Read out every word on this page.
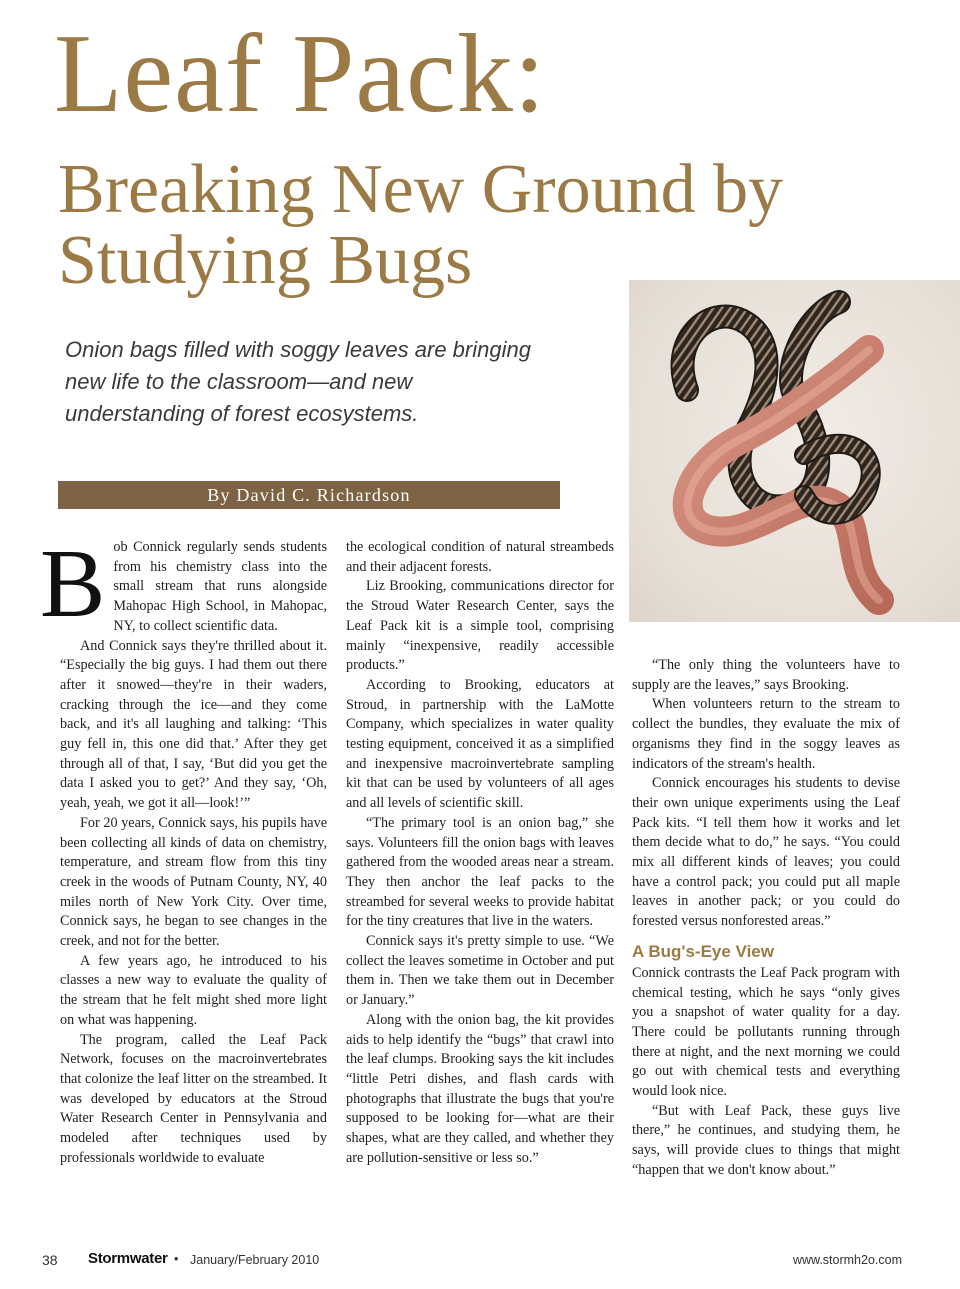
Leaf Pack:
Breaking New Ground by Studying Bugs
Onion bags filled with soggy leaves are bringing new life to the classroom—and new understanding of forest ecosystems.
By David C. Richardson

Bob Connick regularly sends students from his chemistry class into the small stream that runs alongside Mahopac High School, in Mahopac, NY, to collect scientific data.

And Connick says they're thrilled about it. “Especially the big guys. I had them out there after it snowed—they're in their waders, cracking through the ice—and they come back, and it's all laughing and talking: ‘This guy fell in, this one did that.’ After they get through all of that, I say, ‘But did you get the data I asked you to get?’ And they say, ‘Oh, yeah, yeah, we got it all—look!’”

For 20 years, Connick says, his pupils have been collecting all kinds of data on chemistry, temperature, and stream flow from this tiny creek in the woods of Putnam County, NY, 40 miles north of New York City. Over time, Connick says, he began to see changes in the creek, and not for the better.

A few years ago, he introduced to his classes a new way to evaluate the quality of the stream that he felt might shed more light on what was happening.

The program, called the Leaf Pack Network, focuses on the macroinvertebrates that colonize the leaf litter on the streambed. It was developed by educators at the Stroud Water Research Center in Pennsylvania and modeled after techniques used by professionals worldwide to evaluate

the ecological condition of natural streambeds and their adjacent forests.

Liz Brooking, communications director for the Stroud Water Research Center, says the Leaf Pack kit is a simple tool, comprising mainly “inexpensive, readily accessible products.”

According to Brooking, educators at Stroud, in partnership with the LaMotte Company, which specializes in water quality testing equipment, conceived it as a simplified and inexpensive macroinvertebrate sampling kit that can be used by volunteers of all ages and all levels of scientific skill.

“The primary tool is an onion bag,” she says. Volunteers fill the onion bags with leaves gathered from the wooded areas near a stream. They then anchor the leaf packs to the streambed for several weeks to provide habitat for the tiny creatures that live in the waters.

Connick says it's pretty simple to use. “We collect the leaves sometime in October and put them in. Then we take them out in December or January.”

Along with the onion bag, the kit provides aids to help identify the “bugs” that crawl into the leaf clumps. Brooking says the kit includes “little Petri dishes, and flash cards with photographs that illustrate the bugs that you're supposed to be looking for—what are their shapes, what are they called, and whether they are pollution-sensitive or less so.”

“The only thing the volunteers have to supply are the leaves,” says Brooking.

When volunteers return to the stream to collect the bundles, they evaluate the mix of organisms they find in the soggy leaves as indicators of the stream's health.

Connick encourages his students to devise their own unique experiments using the Leaf Pack kits. “I tell them how it works and let them decide what to do,” he says. “You could mix all different kinds of leaves; you could have a control pack; you could put all maple leaves in another pack; or you could do forested versus nonforested areas.”

A Bug's-Eye View

Connick contrasts the Leaf Pack program with chemical testing, which he says “only gives you a snapshot of water quality for a day. There could be pollutants running through there at night, and the next morning we could go out with chemical tests and everything would look nice.

“But with Leaf Pack, these guys live there,” he continues, and studying them, he says, will provide clues to things that might “happen that we don't know about.”

38 Stormwater • January/February 2010	www.stormh2o.com
